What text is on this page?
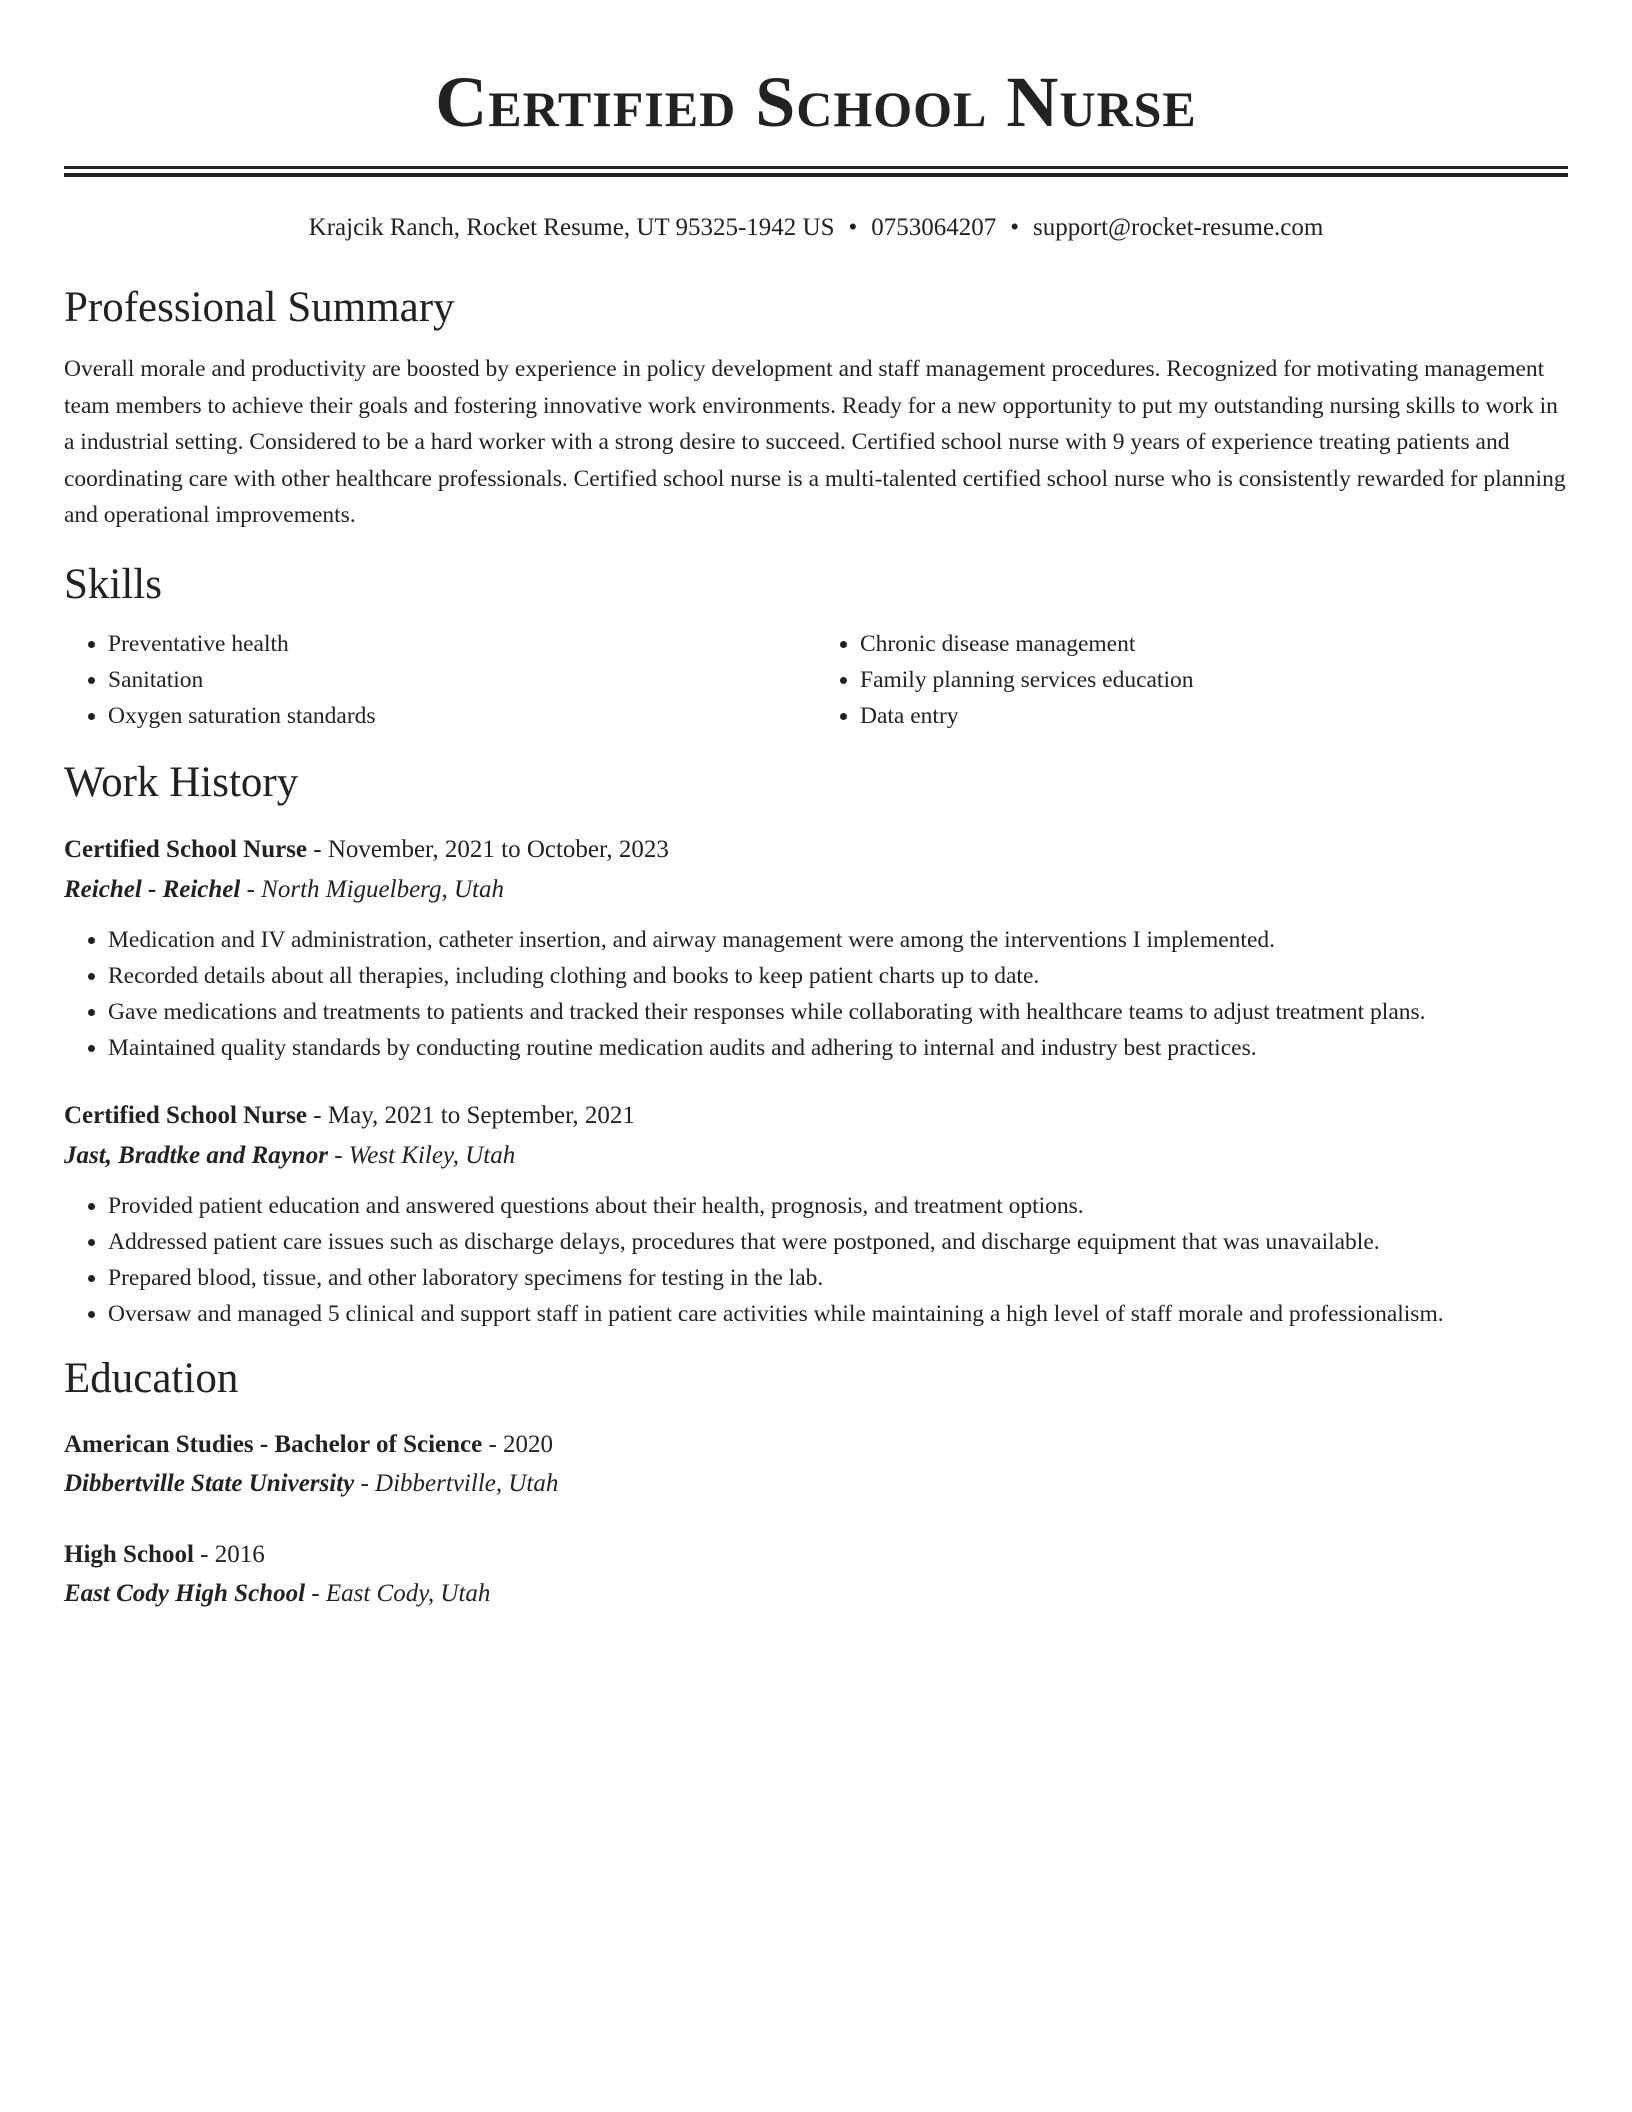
Certified School Nurse
Krajcik Ranch, Rocket Resume, UT 95325-1942 US • 0753064207 • support@rocket-resume.com
Professional Summary

Overall morale and productivity are boosted by experience in policy development and staff management procedures. Recognized for motivating management team members to achieve their goals and fostering innovative work environments. Ready for a new opportunity to put my outstanding nursing skills to work in a industrial setting. Considered to be a hard worker with a strong desire to succeed. Certified school nurse with 9 years of experience treating patients and coordinating care with other healthcare professionals. Certified school nurse is a multi-talented certified school nurse who is consistently rewarded for planning and operational improvements.

Skills
• Preventative health
• Sanitation
• Oxygen saturation standards
• Chronic disease management
• Family planning services education
• Data entry
Work History
Certified School Nurse - November, 2021 to October, 2023
Reichel - Reichel - North Miguelberg, Utah
• Medication and IV administration, catheter insertion, and airway management were among the interventions I implemented.
• Recorded details about all therapies, including clothing and books to keep patient charts up to date.
• Gave medications and treatments to patients and tracked their responses while collaborating with healthcare teams to adjust treatment plans.
• Maintained quality standards by conducting routine medication audits and adhering to internal and industry best practices.
Certified School Nurse - May, 2021 to September, 2021
Jast, Bradtke and Raynor - West Kiley, Utah
• Provided patient education and answered questions about their health, prognosis, and treatment options.
• Addressed patient care issues such as discharge delays, procedures that were postponed, and discharge equipment that was unavailable.
• Prepared blood, tissue, and other laboratory specimens for testing in the lab.
• Oversaw and managed 5 clinical and support staff in patient care activities while maintaining a high level of staff morale and professionalism.
Education
American Studies - Bachelor of Science - 2020
Dibbertville State University - Dibbertville, Utah
High School - 2016
East Cody High School - East Cody, Utah
